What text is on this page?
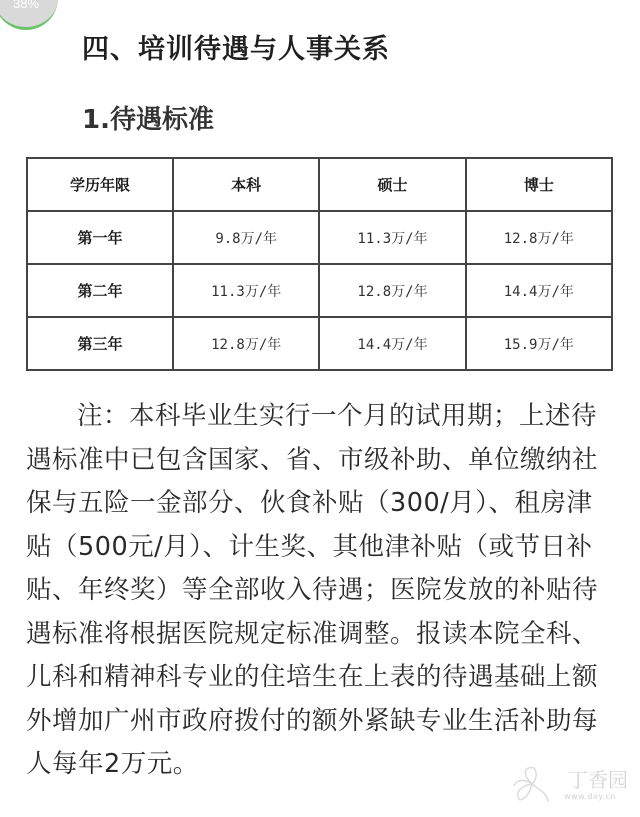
38%
四、培训待遇与人事关系
1.待遇标准
学历年限	本科	硕士	博士
第一年	9.8万/年	11.3万/年	12.8万/年
第二年	11.3万/年	12.8万/年	14.4万/年
第三年	12.8万/年	14.4万/年	15.9万/年

注：本科毕业生实行一个月的试用期；上述待遇标准中已包含国家、省、市级补助、单位缴纳社保与五险一金部分、伙食补贴（300/月）、租房津贴（500元/月）、计生奖、其他津补贴（或节日补贴、年终奖）等全部收入待遇；医院发放的补贴待遇标准将根据医院规定标准调整。报读本院全科、儿科和精神科专业的住培生在上表的待遇基础上额外增加广州市政府拨付的额外紧缺专业生活补助每人每年2万元。

丁香园
www.dxy.cn
